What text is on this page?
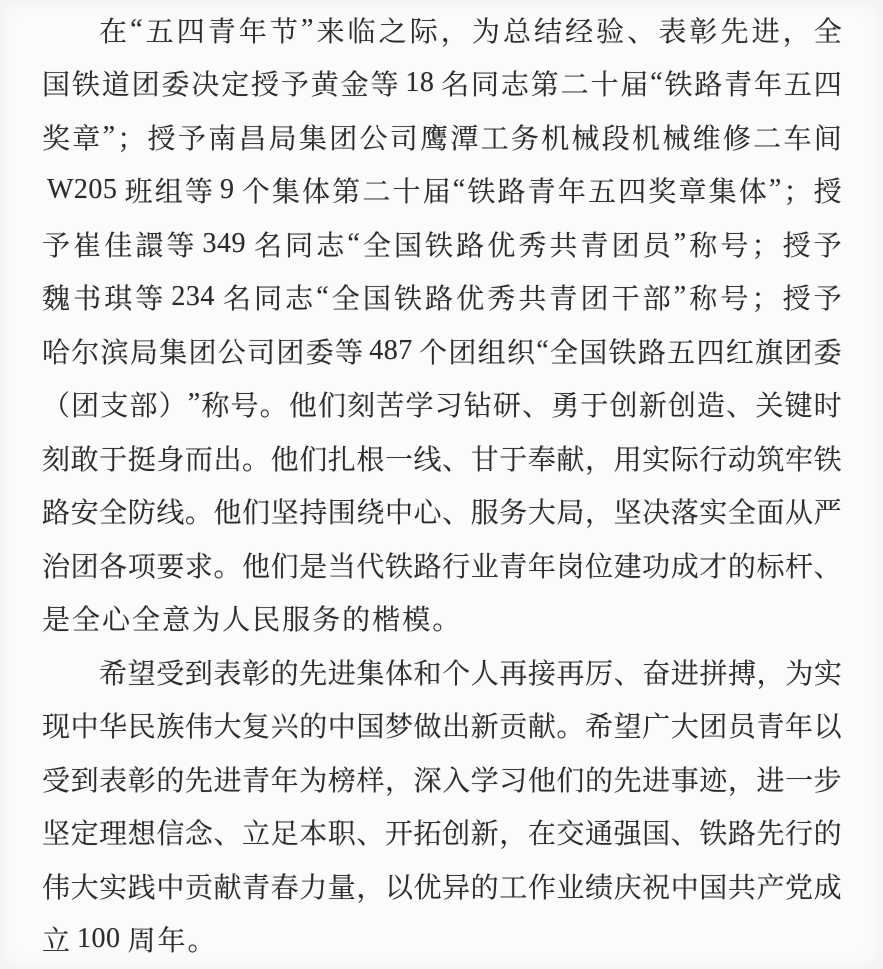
在 “ 五 四 青 年 节 ” 来 临 之 际 ， 为 总 结 经 验 、 表 彰 先 进 ， 全
国 铁 道 团 委 决 定 授 予 黄 金 等 18 名 同 志 第 二 十 届 “ 铁 路 青 年 五 四
奖 章 ” ； 授 予 南 昌 局 集 团 公 司 鹰 潭 工 务 机 械 段 机 械 维 修 二 车 间
W205 班 组 等 9 个 集 体 第 二 十 届 “ 铁 路 青 年 五 四 奖 章 集 体 ” ； 授
予 崔 佳 譞 等 349 名 同 志 “ 全 国 铁 路 优 秀 共 青 团 员 ” 称 号 ； 授 予
魏 书 琪 等 234 名 同 志 “ 全 国 铁 路 优 秀 共 青 团 干 部 ” 称 号 ； 授 予
哈 尔 滨 局 集 团 公 司 团 委 等 487 个 团 组 织 “ 全 国 铁 路 五 四 红 旗 团 委
（ 团 支 部 ） ” 称 号 。 他 们 刻 苦 学 习 钻 研 、 勇 于 创 新 创 造 、 关 键 时
刻 敢 于 挺 身 而 出 。 他 们 扎 根 一 线 、 甘 于 奉 献 ， 用 实 际 行 动 筑 牢 铁
路 安 全 防 线 。 他 们 坚 持 围 绕 中 心 、 服 务 大 局 ， 坚 决 落 实 全 面 从 严
治 团 各 项 要 求 。 他 们 是 当 代 铁 路 行 业 青 年 岗 位 建 功 成 才 的 标 杆 、
是 全 心 全 意 为 人 民 服 务 的 楷 模 。
希 望 受 到 表 彰 的 先 进 集 体 和 个 人 再 接 再 厉 、 奋 进 拼 搏 ， 为 实
现 中 华 民 族 伟 大 复 兴 的 中 国 梦 做 出 新 贡 献 。 希 望 广 大 团 员 青 年 以
受 到 表 彰 的 先 进 青 年 为 榜 样 ， 深 入 学 习 他 们 的 先 进 事 迹 ， 进 一 步
坚 定 理 想 信 念 、 立 足 本 职 、 开 拓 创 新 ， 在 交 通 强 国 、 铁 路 先 行 的
伟 大 实 践 中 贡 献 青 春 力 量 ， 以 优 异 的 工 作 业 绩 庆 祝 中 国 共 产 党 成
立 100 周 年 。
